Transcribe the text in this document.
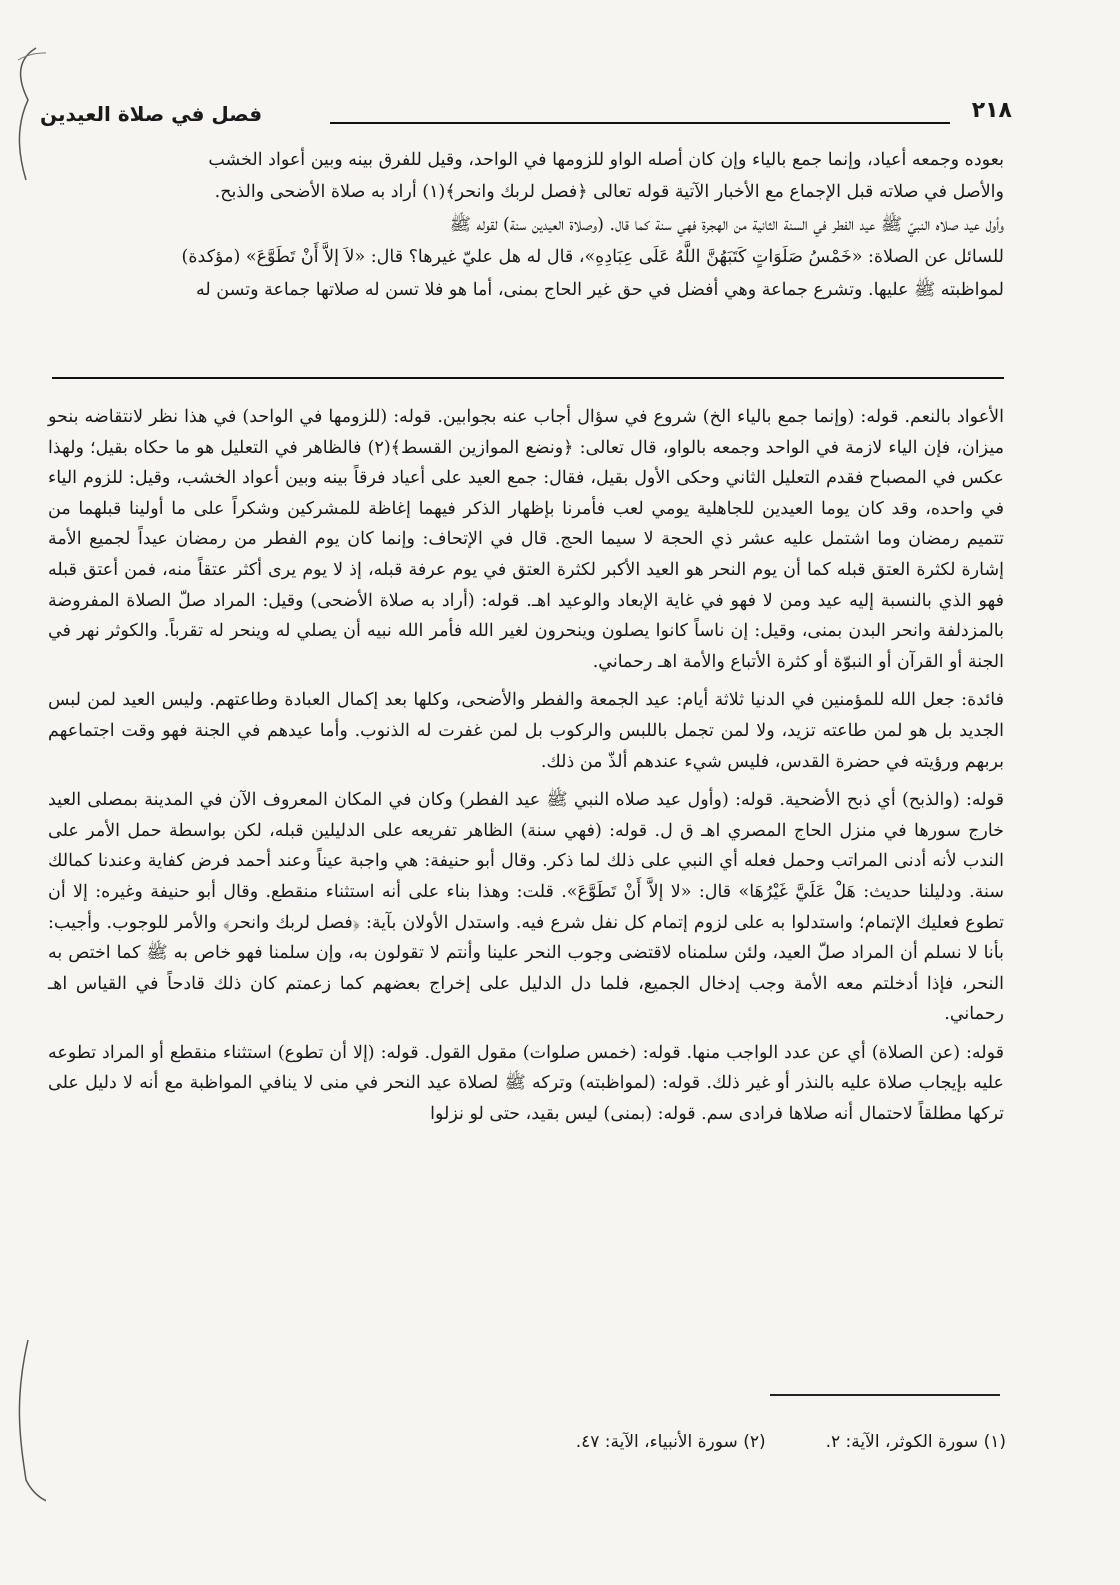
٢١٨
فصل في صلاة العيدين

بعوده وجمعه أعياد، وإنما جمع بالياء وإن كان أصله الواو للزومها في الواحد، وقيل للفرق بينه وبين أعواد الخشب

والأصل في صلاته قبل الإجماع مع الأخبار الآتية قوله تعالى ﴿فصل لربك وانحر﴾(١) أراد به صلاة الأضحى والذبح.

وأول عيد صلاه النبيّ ﷺ عيد الفطر في السنة الثانية من الهجرة فهي سنة كما قال. (وصلاة العيدين سنة) لقوله ﷺ

للسائل عن الصلاة: «خَمْسُ صَلَوَاتٍ كَتَبَهُنَّ اللَّهُ عَلَى عِبَادِهِ»، قال له هل عليّ غيرها؟ قال: «لاَ إلاَّ أَنْ تَطَوَّعَ» (مؤكدة)

لمواظبته ﷺ عليها. وتشرع جماعة وهي أفضل في حق غير الحاج بمنى، أما هو فلا تسن له صلاتها جماعة وتسن له

الأعواد بالنعم. قوله: (وإنما جمع بالياء الخ) شروع في سؤال أجاب عنه بجوابين. قوله: (للزومها في الواحد) في هذا نظر لانتقاضه بنحو ميزان، فإن الياء لازمة في الواحد وجمعه بالواو، قال تعالى: ﴿ونضع الموازين القسط﴾(٢) فالظاهر في التعليل هو ما حكاه بقيل؛ ولهذا عكس في المصباح فقدم التعليل الثاني وحكى الأول بقيل، فقال: جمع العيد على أعياد فرقاً بينه وبين أعواد الخشب، وقيل: للزوم الياء في واحده، وقد كان يوما العيدين للجاهلية يومي لعب فأمرنا بإظهار الذكر فيهما إغاظة للمشركين وشكراً على ما أولينا قبلهما من تتميم رمضان وما اشتمل عليه عشر ذي الحجة لا سيما الحج. قال في الإتحاف: وإنما كان يوم الفطر من رمضان عيداً لجميع الأمة إشارة لكثرة العتق قبله كما أن يوم النحر هو العيد الأكبر لكثرة العتق في يوم عرفة قبله، إذ لا يوم يرى أكثر عتقاً منه، فمن أعتق قبله فهو الذي بالنسبة إليه عيد ومن لا فهو في غاية الإبعاد والوعيد اهـ. قوله: (أراد به صلاة الأضحى) وقيل: المراد صلّ الصلاة المفروضة بالمزدلفة وانحر البدن بمنى، وقيل: إن ناساً كانوا يصلون وينحرون لغير الله فأمر الله نبيه أن يصلي له وينحر له تقرباً. والكوثر نهر في الجنة أو القرآن أو النبوّة أو كثرة الأتباع والأمة اهـ رحماني.

فائدة: جعل الله للمؤمنين في الدنيا ثلاثة أيام: عيد الجمعة والفطر والأضحى، وكلها بعد إكمال العبادة وطاعتهم. وليس العيد لمن لبس الجديد بل هو لمن طاعته تزيد، ولا لمن تجمل باللبس والركوب بل لمن غفرت له الذنوب. وأما عيدهم في الجنة فهو وقت اجتماعهم بربهم ورؤيته في حضرة القدس، فليس شيء عندهم ألذّ من ذلك.

قوله: (والذبح) أي ذبح الأضحية. قوله: (وأول عيد صلاه النبي ﷺ عيد الفطر) وكان في المكان المعروف الآن في المدينة بمصلى العيد خارج سورها في منزل الحاج المصري اهـ ق ل. قوله: (فهي سنة) الظاهر تفريعه على الدليلين قبله، لكن بواسطة حمل الأمر على الندب لأنه أدنى المراتب وحمل فعله أي النبي على ذلك لما ذكر. وقال أبو حنيفة: هي واجبة عيناً وعند أحمد فرض كفاية وعندنا كمالك سنة. ودليلنا حديث: هَلْ عَلَيَّ غَيْرُهَا» قال: «لا إلاَّ أَنْ تَطَوَّعَ». قلت: وهذا بناء على أنه استثناء منقطع. وقال أبو حنيفة وغيره: إلا أن تطوع فعليك الإتمام؛ واستدلوا به على لزوم إتمام كل نفل شرع فيه. واستدل الأولان بآية: ﴿فصل لربك وانحر﴾ والأمر للوجوب. وأجيب: بأنا لا نسلم أن المراد صلّ العيد، ولئن سلمناه لاقتضى وجوب النحر علينا وأنتم لا تقولون به، وإن سلمنا فهو خاص به ﷺ كما اختص به النحر، فإذا أدخلتم معه الأمة وجب إدخال الجميع، فلما دل الدليل على إخراج بعضهم كما زعمتم كان ذلك قادحاً في القياس اهـ رحماني.

قوله: (عن الصلاة) أي عن عدد الواجب منها. قوله: (خمس صلوات) مقول القول. قوله: (إلا أن تطوع) استثناء منقطع أو المراد تطوعه عليه بإيجاب صلاة عليه بالنذر أو غير ذلك. قوله: (لمواظبته) وتركه ﷺ لصلاة عيد النحر في منى لا ينافي المواظبة مع أنه لا دليل على تركها مطلقاً لاحتمال أنه صلاها فرادى سم. قوله: (بمنى) ليس بقيد، حتى لو نزلوا

(١) سورة الكوثر، الآية: ٢.
(٢) سورة الأنبياء، الآية: ٤٧.
